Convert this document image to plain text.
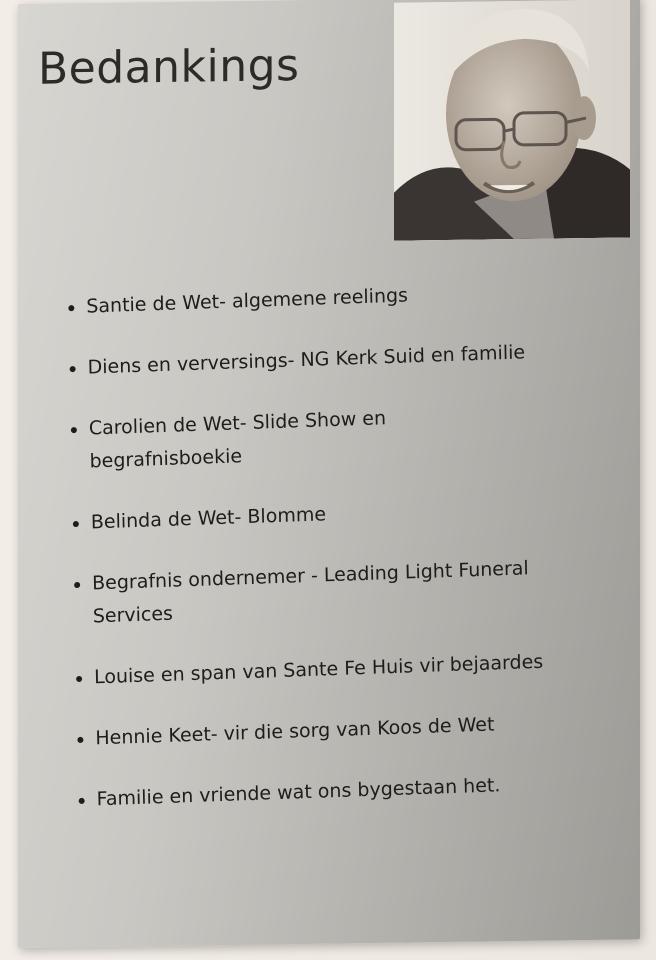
Bedankings
Santie de Wet- algemene reelings
Diens en verversings- NG Kerk Suid en familie
Carolien de Wet- Slide Show en begrafnisboekie
Belinda de Wet- Blomme
Begrafnis ondernemer - Leading Light Funeral Services
Louise en span van Sante Fe Huis vir bejaardes
Hennie Keet- vir die sorg van Koos de Wet
Familie en vriende wat ons bygestaan het.
